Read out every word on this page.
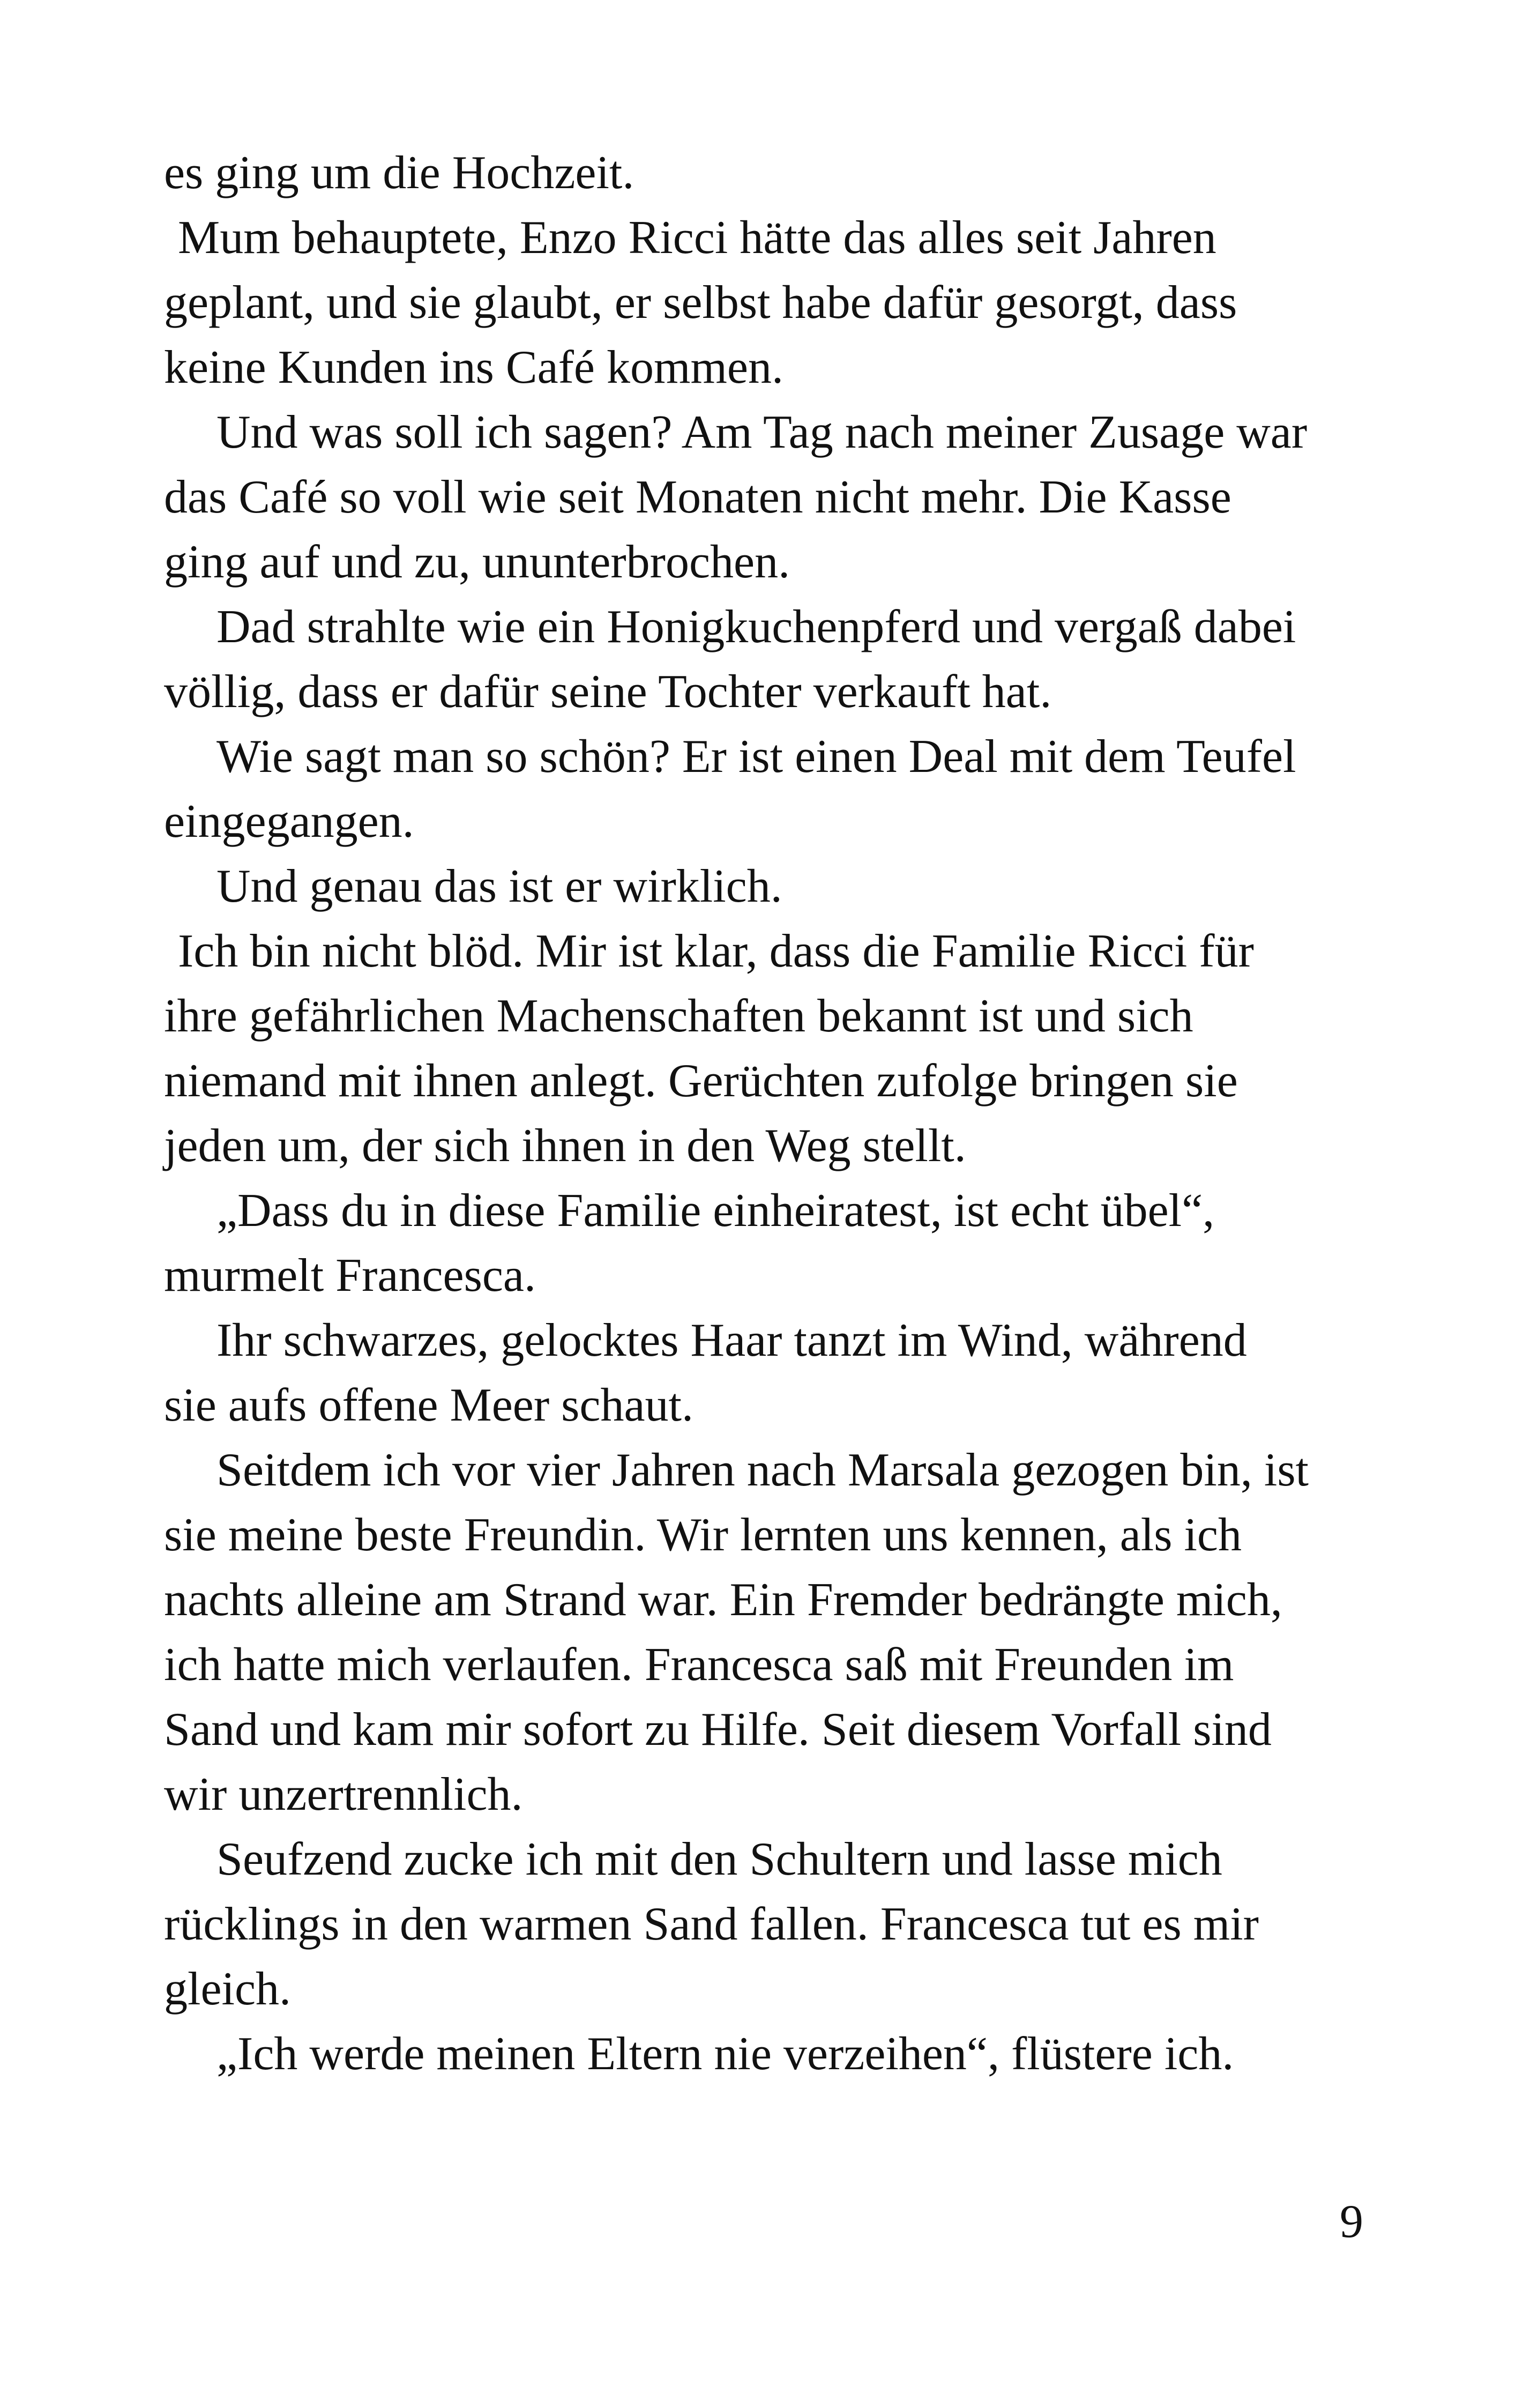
es ging um die Hochzeit.
Mum behauptete, Enzo Ricci hätte das alles seit Jahren
geplant, und sie glaubt, er selbst habe dafür gesorgt, dass
keine Kunden ins Café kommen.
Und was soll ich sagen? Am Tag nach meiner Zusage war
das Café so voll wie seit Monaten nicht mehr. Die Kasse
ging auf und zu, ununterbrochen.
Dad strahlte wie ein Honigkuchenpferd und vergaß dabei
völlig, dass er dafür seine Tochter verkauft hat.
Wie sagt man so schön? Er ist einen Deal mit dem Teufel
eingegangen.
Und genau das ist er wirklich.
Ich bin nicht blöd. Mir ist klar, dass die Familie Ricci für
ihre gefährlichen Machenschaften bekannt ist und sich
niemand mit ihnen anlegt. Gerüchten zufolge bringen sie
jeden um, der sich ihnen in den Weg stellt.
„Dass du in diese Familie einheiratest, ist echt übel“,
murmelt Francesca.
Ihr schwarzes, gelocktes Haar tanzt im Wind, während
sie aufs offene Meer schaut.
Seitdem ich vor vier Jahren nach Marsala gezogen bin, ist
sie meine beste Freundin. Wir lernten uns kennen, als ich
nachts alleine am Strand war. Ein Fremder bedrängte mich,
ich hatte mich verlaufen. Francesca saß mit Freunden im
Sand und kam mir sofort zu Hilfe. Seit diesem Vorfall sind
wir unzertrennlich.
Seufzend zucke ich mit den Schultern und lasse mich
rücklings in den warmen Sand fallen. Francesca tut es mir
gleich.
„Ich werde meinen Eltern nie verzeihen“, flüstere ich.
9
